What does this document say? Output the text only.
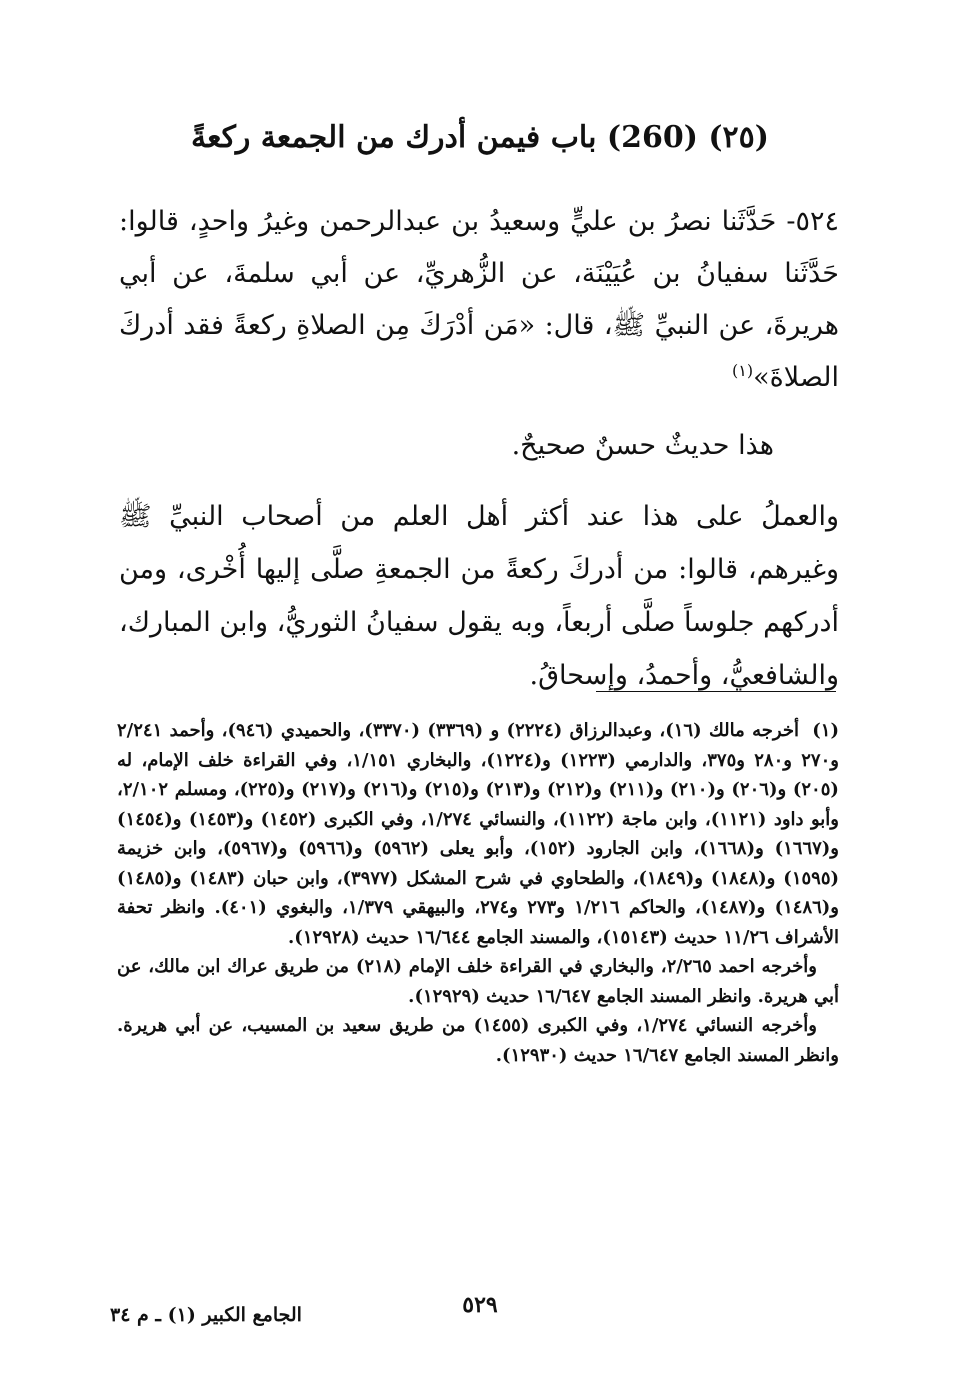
(٢٥) (260) باب فيمن أدرك من الجمعة ركعةً
٥٢٤- حَدَّثَنا نصرُ بن عليٍّ وسعيدُ بن عبدالرحمن وغيرُ واحدٍ، قالوا: حَدَّثَنا سفيانُ بن عُيَيْنَة، عن الزُّهريِّ، عن أبي سلمةَ، عن أبي هريرةَ، عن النبيِّ ﷺ، قال: «مَن أدْرَكَ مِن الصلاةِ ركعةً فقد أدركَ الصلاةَ»$^{(١)}$
هذا حديثٌ حسنٌ صحيحٌ.
والعملُ على هذا عند أكثر أهل العلم من أصحاب النبيِّ ﷺ وغيرهم، قالوا: من أدركَ ركعةً من الجمعةِ صلَّى إليها أُخْرى، ومن أدركهم جلوساً صلَّى أربعاً، وبه يقول سفيانُ الثوريُّ، وابن المبارك، والشافعيُّ، وأحمدُ، وإسحاقُ.

(١)أخرجه مالك (١٦)، وعبدالرزاق (٢٢٢٤) و (٣٣٦٩) (٣٣٧٠)، والحميدي (٩٤٦)، وأحمد ٢/٢٤١ و٢٧٠ و٢٨٠ و٣٧٥، والدارمي (١٢٢٣) و(١٢٢٤)، والبخاري ١/١٥١، وفي القراءة خلف الإمام، له (٢٠٥) و(٢٠٦) و(٢١٠) و(٢١١) و(٢١٢) و(٢١٣) و(٢١٥) و(٢١٦) و(٢١٧) و(٢٢٥)، ومسلم ٢/١٠٢، وأبو داود (١١٢١)، وابن ماجة (١١٢٢)، والنسائي ١/٢٧٤، وفي الكبرى (١٤٥٢) و(١٤٥٣) و(١٤٥٤) و(١٦٦٧) و(١٦٦٨)، وابن الجارود (١٥٢)، وأبو يعلى (٥٩٦٢) و(٥٩٦٦) و(٥٩٦٧)، وابن خزيمة (١٥٩٥) و(١٨٤٨) و(١٨٤٩)، والطحاوي في شرح المشكل (٣٩٧٧)، وابن حبان (١٤٨٣) و(١٤٨٥) و(١٤٨٦) و(١٤٨٧)، والحاكم ١/٢١٦ و٢٧٣ و٢٧٤، والبيهقي ١/٣٧٩، والبغوي (٤٠١). وانظر تحفة الأشراف ١١/٢٦ حديث (١٥١٤٣)، والمسند الجامع ١٦/٦٤٤ حديث (١٢٩٢٨).

وأخرجه احمد ٢/٢٦٥، والبخاري في القراءة خلف الإمام (٢١٨) من طريق عراك ابن مالك، عن أبي هريرة. وانظر المسند الجامع ١٦/٦٤٧ حديث (١٢٩٢٩).

وأخرجه النسائي ١/٢٧٤، وفي الكبرى (١٤٥٥) من طريق سعيد بن المسيب، عن أبي هريرة. وانظر المسند الجامع ١٦/٦٤٧ حديث (١٢٩٣٠).

٥٢٩
الجامع الكبير (١) ـ م ٣٤
